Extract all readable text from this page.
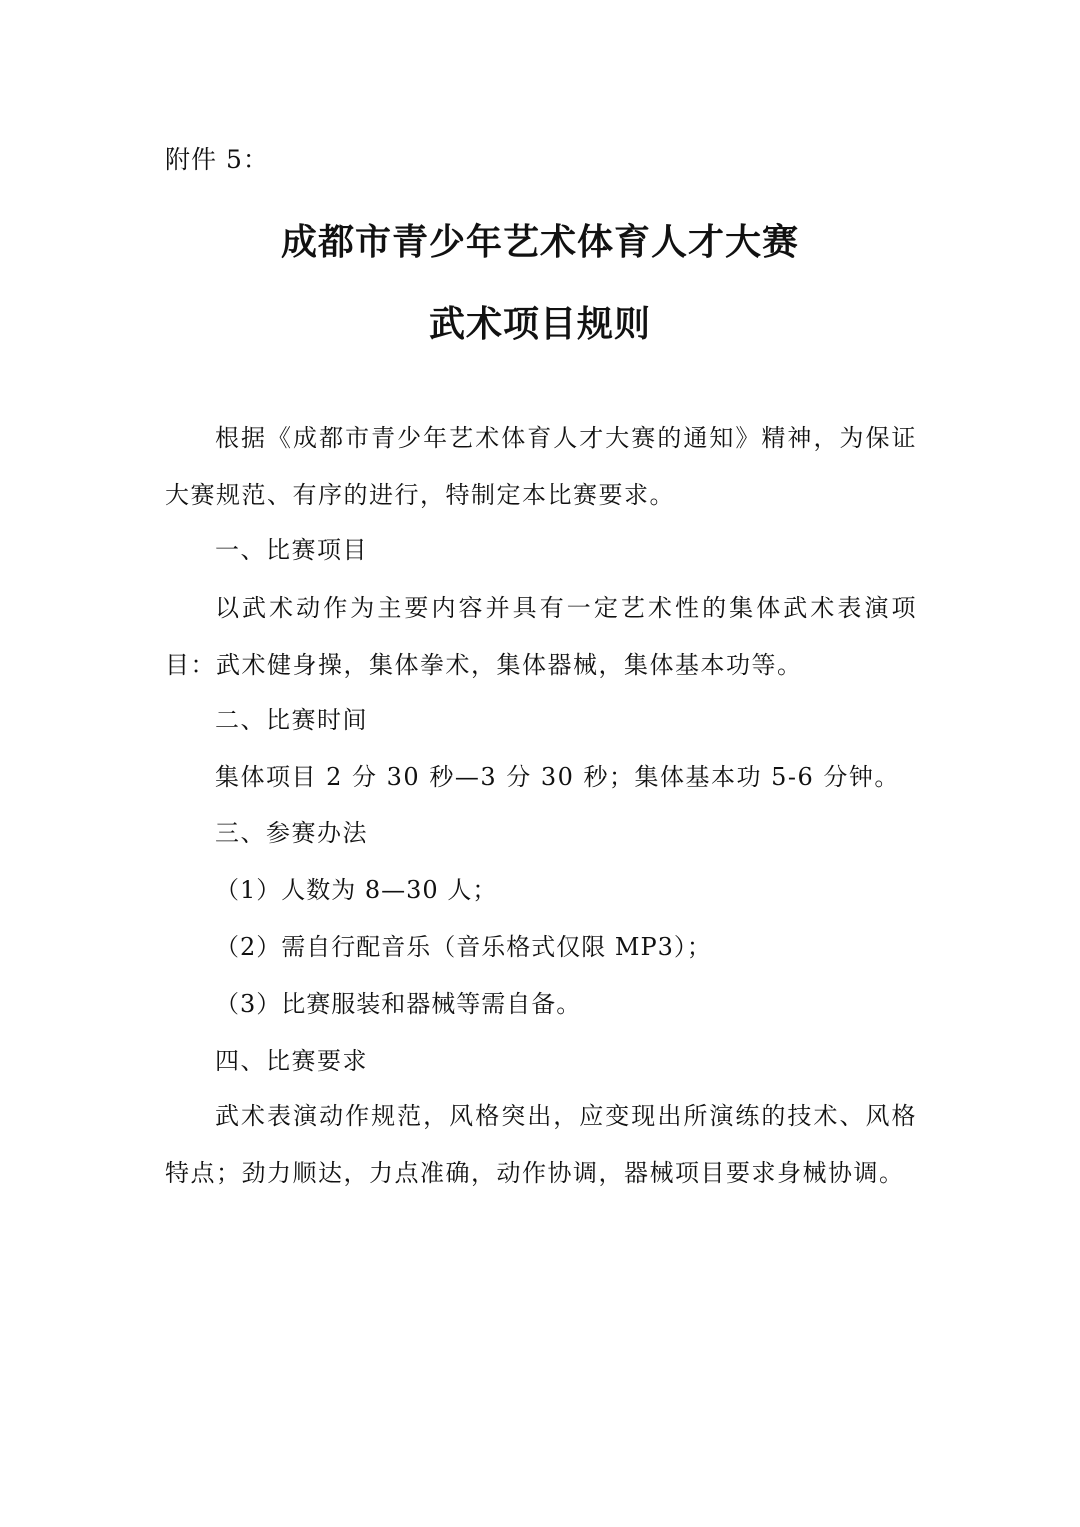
附件 5：
成都市青少年艺术体育人才大赛
武术项目规则

根据《成都市青少年艺术体育人才大赛的通知》精神，为保证大赛规范、有序的进行，特制定本比赛要求。

一、比赛项目

以武术动作为主要内容并具有一定艺术性的集体武术表演项目：武术健身操，集体拳术，集体器械，集体基本功等。

二、比赛时间
集体项目 2 分 30 秒—3 分 30 秒；集体基本功 5-6 分钟。
三、参赛办法
（1）人数为 8—30 人；
（2）需自行配音乐（音乐格式仅限 MP3）；
（3）比赛服装和器械等需自备。
四、比赛要求

武术表演动作规范，风格突出，应变现出所演练的技术、风格特点；劲力顺达，力点准确，动作协调，器械项目要求身械协调。
